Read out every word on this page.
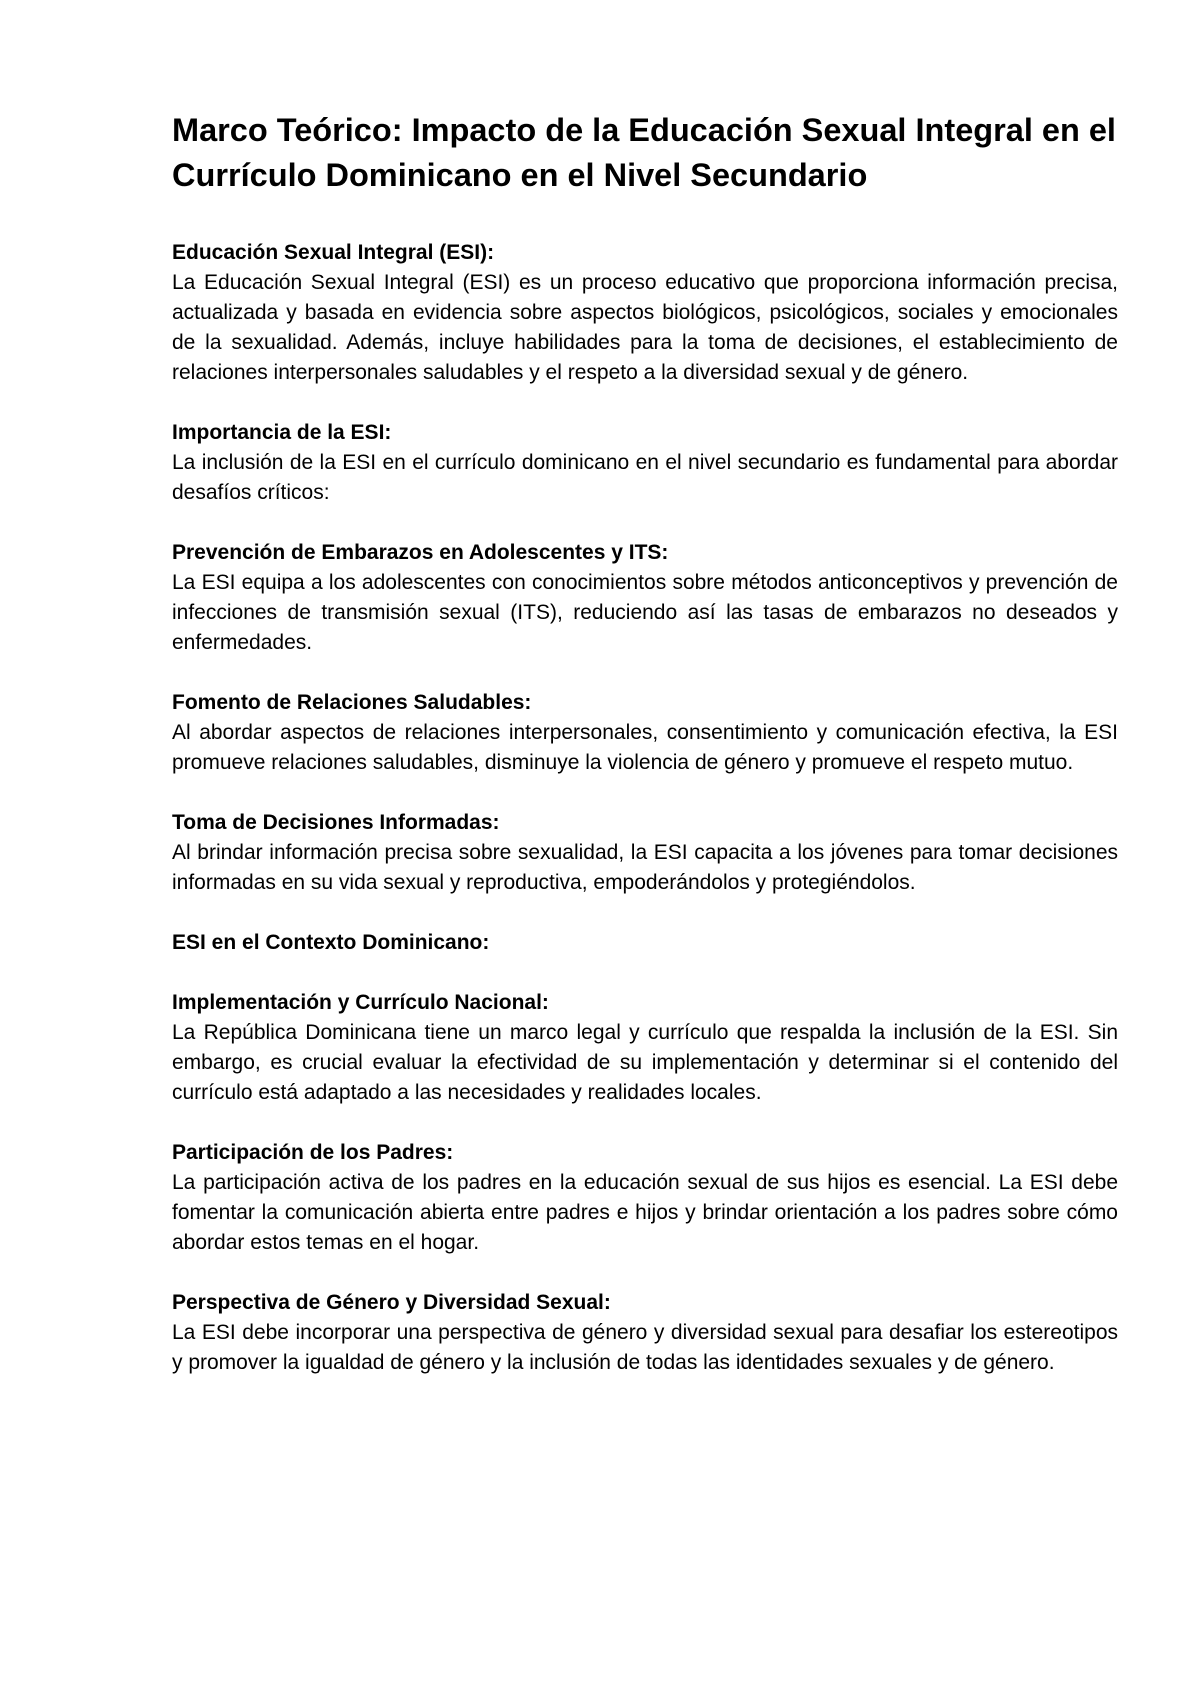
Marco Teórico: Impacto de la Educación Sexual Integral en el Currículo Dominicano en el Nivel Secundario

Educación Sexual Integral (ESI):

La Educación Sexual Integral (ESI) es un proceso educativo que proporciona información precisa, actualizada y basada en evidencia sobre aspectos biológicos, psicológicos, sociales y emocionales de la sexualidad. Además, incluye habilidades para la toma de decisiones, el establecimiento de relaciones interpersonales saludables y el respeto a la diversidad sexual y de género.

Importancia de la ESI:

La inclusión de la ESI en el currículo dominicano en el nivel secundario es fundamental para abordar desafíos críticos:

Prevención de Embarazos en Adolescentes y ITS:

La ESI equipa a los adolescentes con conocimientos sobre métodos anticonceptivos y prevención de infecciones de transmisión sexual (ITS), reduciendo así las tasas de embarazos no deseados y enfermedades.

Fomento de Relaciones Saludables:

Al abordar aspectos de relaciones interpersonales, consentimiento y comunicación efectiva, la ESI promueve relaciones saludables, disminuye la violencia de género y promueve el respeto mutuo.

Toma de Decisiones Informadas:

Al brindar información precisa sobre sexualidad, la ESI capacita a los jóvenes para tomar decisiones informadas en su vida sexual y reproductiva, empoderándolos y protegiéndolos.

ESI en el Contexto Dominicano:

Implementación y Currículo Nacional:

La República Dominicana tiene un marco legal y currículo que respalda la inclusión de la ESI. Sin embargo, es crucial evaluar la efectividad de su implementación y determinar si el contenido del currículo está adaptado a las necesidades y realidades locales.

Participación de los Padres:

La participación activa de los padres en la educación sexual de sus hijos es esencial. La ESI debe fomentar la comunicación abierta entre padres e hijos y brindar orientación a los padres sobre cómo abordar estos temas en el hogar.

Perspectiva de Género y Diversidad Sexual:

La ESI debe incorporar una perspectiva de género y diversidad sexual para desafiar los estereotipos y promover la igualdad de género y la inclusión de todas las identidades sexuales y de género.
